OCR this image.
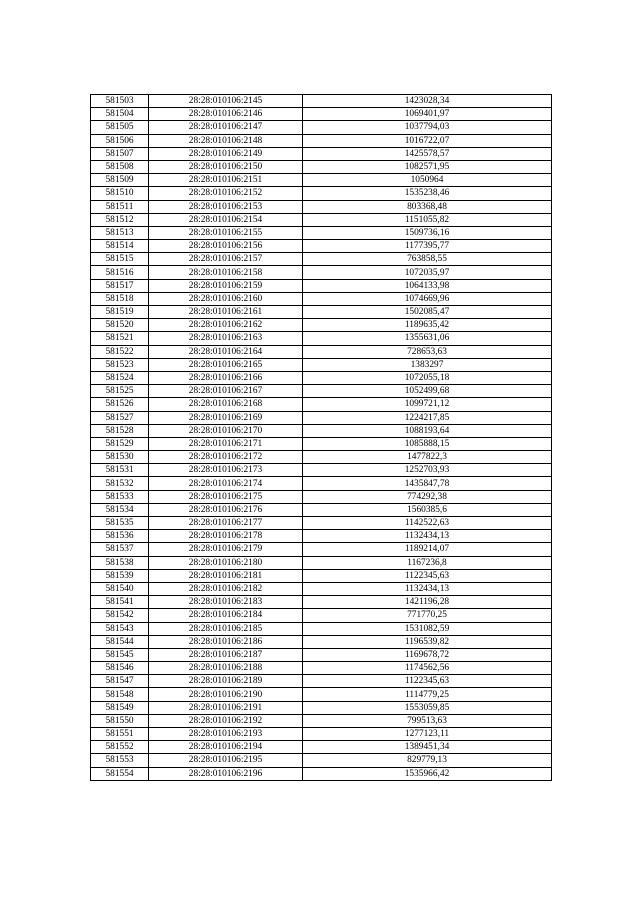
581503	28:28:010106:2145	1423028,34
581504	28:28:010106:2146	1069401,97
581505	28:28:010106:2147	1037794,03
581506	28:28:010106:2148	1016722,07
581507	28:28:010106:2149	1425578,57
581508	28:28:010106:2150	1082571,95
581509	28:28:010106:2151	1050964
581510	28:28:010106:2152	1535238,46
581511	28:28:010106:2153	803368,48
581512	28:28:010106:2154	1151055,82
581513	28:28:010106:2155	1509736,16
581514	28:28:010106:2156	1177395,77
581515	28:28:010106:2157	763858,55
581516	28:28:010106:2158	1072035,97
581517	28:28:010106:2159	1064133,98
581518	28:28:010106:2160	1074669,96
581519	28:28:010106:2161	1502085,47
581520	28:28:010106:2162	1189635,42
581521	28:28:010106:2163	1355631,06
581522	28:28:010106:2164	728653,63
581523	28:28:010106:2165	1383297
581524	28:28:010106:2166	1072055,18
581525	28:28:010106:2167	1052499,68
581526	28:28:010106:2168	1099721,12
581527	28:28:010106:2169	1224217,85
581528	28:28:010106:2170	1088193,64
581529	28:28:010106:2171	1085888,15
581530	28:28:010106:2172	1477822,3
581531	28:28:010106:2173	1252703,93
581532	28:28:010106:2174	1435847,78
581533	28:28:010106:2175	774292,38
581534	28:28:010106:2176	1560385,6
581535	28:28:010106:2177	1142522,63
581536	28:28:010106:2178	1132434,13
581537	28:28:010106:2179	1189214,07
581538	28:28:010106:2180	1167236,8
581539	28:28:010106:2181	1122345,63
581540	28:28:010106:2182	1132434,13
581541	28:28:010106:2183	1421196,28
581542	28:28:010106:2184	771770,25
581543	28:28:010106:2185	1531082,59
581544	28:28:010106:2186	1196539,82
581545	28:28:010106:2187	1169678,72
581546	28:28:010106:2188	1174562,56
581547	28:28:010106:2189	1122345,63
581548	28:28:010106:2190	1114779,25
581549	28:28:010106:2191	1553059,85
581550	28:28:010106:2192	799513,63
581551	28:28:010106:2193	1277123,11
581552	28:28:010106:2194	1389451,34
581553	28:28:010106:2195	829779,13
581554	28:28:010106:2196	1535966,42
